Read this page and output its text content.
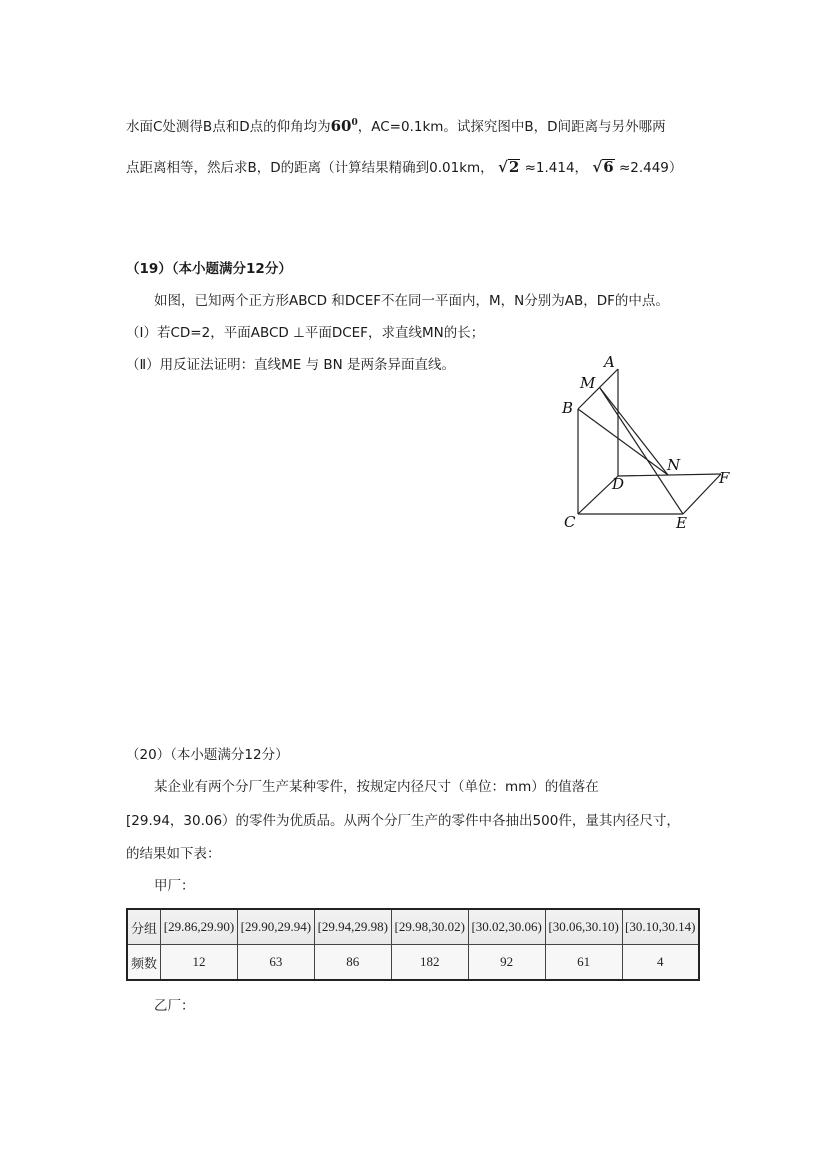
水面C处测得B点和D点的仰角均为$60^0$，AC=0.1km。试探究图中B，D间距离与另外哪两
点距离相等，然后求B，D的距离（计算结果精确到0.01km， √2 ≈1.414， √6 ≈2.449）
（19）（本小题满分12分）
如图，已知两个正方形ABCD 和DCEF不在同一平面内，M，N分别为AB，DF的中点。
（Ⅰ）若CD=2，平面ABCD ⊥平面DCEF，求直线MN的长；
（Ⅱ）用反证法证明：直线ME 与 BN 是两条异面直线。	A
M
B
N
F
D
C	E
（20）（本小题满分12分）
某企业有两个分厂生产某种零件，按规定内径尺寸（单位：mm）的值落在
[29.94，30.06）的零件为优质品。从两个分厂生产的零件中各抽出500件，量其内径尺寸，
的结果如下表：
甲厂：
分组	[29.86,29.90)	[29.90,29.94)	[29.94,29.98)	[29.98,30.02)	[30.02,30.06)	[30.06,30.10)	[30.10,30.14)
频数	12	63	86	182	92	61	4
乙厂：
